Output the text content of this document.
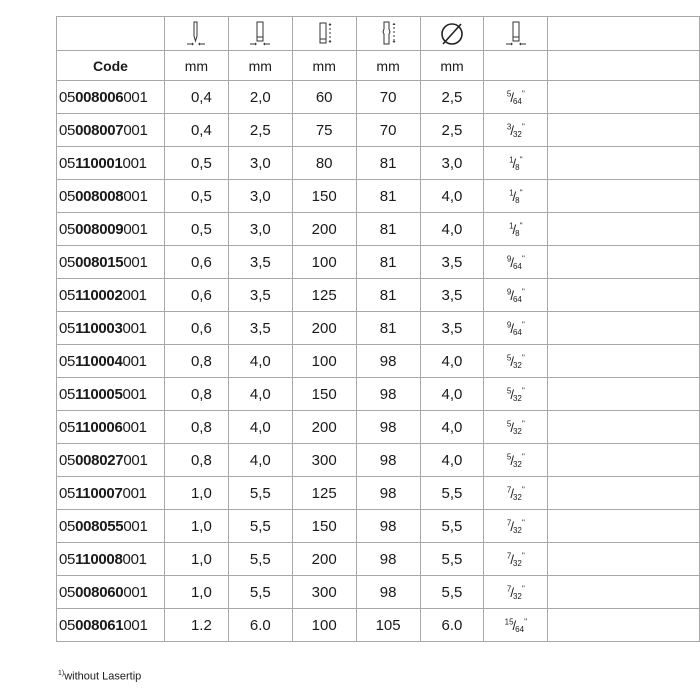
Code	mm	mm	mm	mm	mm		
05008006001	0,4	2,0	60	70	2,5	$^5/_{64}''$	
05008007001	0,4	2,5	75	70	2,5	$^3/_{32}''$	
05110001001	0,5	3,0	80	81	3,0	$^1/_8''$	
05008008001	0,5	3,0	150	81	4,0	$^1/_8''$	
05008009001	0,5	3,0	200	81	4,0	$^1/_8''$	
05008015001	0,6	3,5	100	81	3,5	$^9/_{64}''$	
05110002001	0,6	3,5	125	81	3,5	$^9/_{64}''$	
05110003001	0,6	3,5	200	81	3,5	$^9/_{64}''$	
05110004001	0,8	4,0	100	98	4,0	$^5/_{32}''$	
05110005001	0,8	4,0	150	98	4,0	$^5/_{32}''$	
05110006001	0,8	4,0	200	98	4,0	$^5/_{32}''$	
05008027001	0,8	4,0	300	98	4,0	$^5/_{32}''$	
05110007001	1,0	5,5	125	98	5,5	$^7/_{32}''$	
05008055001	1,0	5,5	150	98	5,5	$^7/_{32}''$	
05110008001	1,0	5,5	200	98	5,5	$^7/_{32}''$	
05008060001	1,0	5,5	300	98	5,5	$^7/_{32}''$	
05008061001	1.2	6.0	100	105	6.0	$^{15}/_{64}''$	
$^{1)}$without Lasertip
